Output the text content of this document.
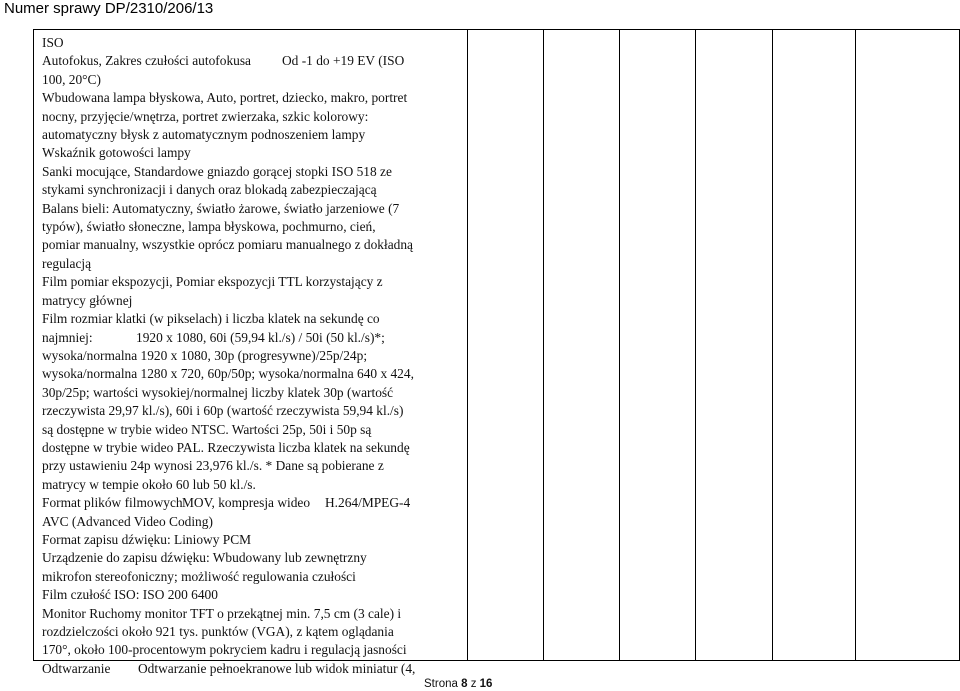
Numer sprawy DP/2310/206/13
ISO
Autofokus, Zakres czułości autofokusa Od -1 do +19 EV (ISO
100, 20°C)
Wbudowana lampa błyskowa, Auto, portret, dziecko, makro, portret
nocny, przyjęcie/wnętrza, portret zwierzaka, szkic kolorowy:
automatyczny błysk z automatycznym podnoszeniem lampy
Wskaźnik gotowości lampy
Sanki mocujące, Standardowe gniazdo gorącej stopki ISO 518 ze
stykami synchronizacji i danych oraz blokadą zabezpieczającą
Balans bieli: Automatyczny, światło żarowe, światło jarzeniowe (7
typów), światło słoneczne, lampa błyskowa, pochmurno, cień,
pomiar manualny, wszystkie oprócz pomiaru manualnego z dokładną
regulacją
Film pomiar ekspozycji, Pomiar ekspozycji TTL korzystający z
matrycy głównej
Film rozmiar klatki (w pikselach) i liczba klatek na sekundę co
najmniej:	1920 x 1080, 60i (59,94 kl./s) / 50i (50 kl./s)*;
wysoka/normalna 1920 x 1080, 30p (progresywne)/25p/24p;
wysoka/normalna 1280 x 720, 60p/50p; wysoka/normalna 640 x 424,
30p/25p; wartości wysokiej/normalnej liczby klatek 30p (wartość
rzeczywista 29,97 kl./s), 60i i 60p (wartość rzeczywista 59,94 kl./s)
są dostępne w trybie wideo NTSC. Wartości 25p, 50i i 50p są
dostępne w trybie wideo PAL. Rzeczywista liczba klatek na sekundę
przy ustawieniu 24p wynosi 23,976 kl./s. * Dane są pobierane z
matrycy w tempie około 60 lub 50 kl./s.
Format plików filmowych MOV, kompresja wideo H.264/MPEG-4
AVC (Advanced Video Coding)
Format zapisu dźwięku: Liniowy PCM
Urządzenie do zapisu dźwięku: Wbudowany lub zewnętrzny
mikrofon stereofoniczny; możliwość regulowania czułości
Film czułość ISO: ISO 200 6400
Monitor Ruchomy monitor TFT o przekątnej min. 7,5 cm (3 cale) i
rozdzielczości około 921 tys. punktów (VGA), z kątem oglądania
170°, około 100-procentowym pokryciem kadru i regulacją jasności
Odtwarzanie Odtwarzanie pełnoekranowe lub widok miniatur (4,
Strona 8 z 16
